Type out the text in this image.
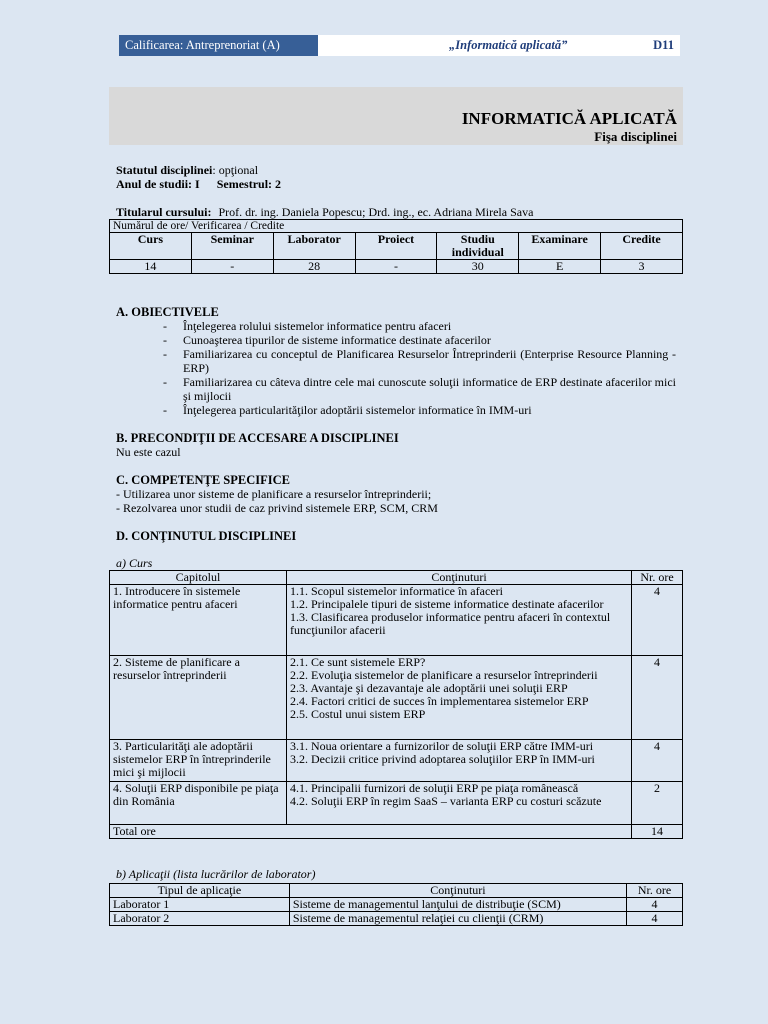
Calificarea: Antreprenoriat (A)	„Informatică aplicată”	D11
INFORMATICĂ APLICATĂ
Fişa disciplinei
Statutul disciplinei: opţional
Anul de studii: I Semestrul: 2
Titularul cursului: Prof. dr. ing. Daniela Popescu; Drd. ing., ec. Adriana Mirela Sava
Numărul de ore/ Verificarea / Credite						
Curs	Seminar	Laborator	Proiect	Studiu individual	Examinare	Credite
14	-	28	-	30	E	3
A. OBIECTIVELE
- Înţelegerea rolului sistemelor informatice pentru afaceri
- Cunoaşterea tipurilor de sisteme informatice destinate afacerilor
- Familiarizarea cu conceptul de Planificarea Resurselor Întreprinderii (Enterprise Resource Planning - ERP)
- Familiarizarea cu câteva dintre cele mai cunoscute soluţii informatice de ERP destinate afacerilor mici şi mijlocii
- Înţelegerea particularităţilor adoptării sistemelor informatice în IMM-uri
B. PRECONDIŢII DE ACCESARE A DISCIPLINEI
Nu este cazul
C. COMPETENŢE SPECIFICE
- Utilizarea unor sisteme de planificare a resurselor întreprinderii;
- Rezolvarea unor studii de caz privind sistemele ERP, SCM, CRM
D. CONŢINUTUL DISCIPLINEI
a) Curs
Capitolul	Conţinuturi	Nr. ore
1. Introducere în sistemele informatice pentru afaceri	1.1. Scopul sistemelor informatice în afaceri
1.2. Principalele tipuri de sisteme informatice destinate afacerilor
1.3. Clasificarea produselor informatice pentru afaceri în contextul funcţiunilor afacerii	4
2. Sisteme de planificare a resurselor întreprinderii	2.1. Ce sunt sistemele ERP?
2.2. Evoluţia sistemelor de planificare a resurselor întreprinderii
2.3. Avantaje şi dezavantaje ale adoptării unei soluţii ERP
2.4. Factori critici de succes în implementarea sistemelor ERP
2.5. Costul unui sistem ERP	4
3. Particularităţi ale adoptării sistemelor ERP în întreprinderile mici şi mijlocii	3.1. Noua orientare a furnizorilor de soluţii ERP către IMM-uri
3.2. Decizii critice privind adoptarea soluţiilor ERP în IMM-uri	4
4. Soluţii ERP disponibile pe piaţa din România	4.1. Principalii furnizori de soluţii ERP pe piaţa românească
4.2. Soluţii ERP în regim SaaS – varianta ERP cu costuri scăzute	2
Total ore		14
b) Aplicaţii (lista lucrărilor de laborator)
Tipul de aplicaţie	Conţinuturi	Nr. ore
Laborator 1	Sisteme de managementul lanţului de distribuţie (SCM)	4
Laborator 2	Sisteme de managementul relaţiei cu clienţii (CRM)	4
